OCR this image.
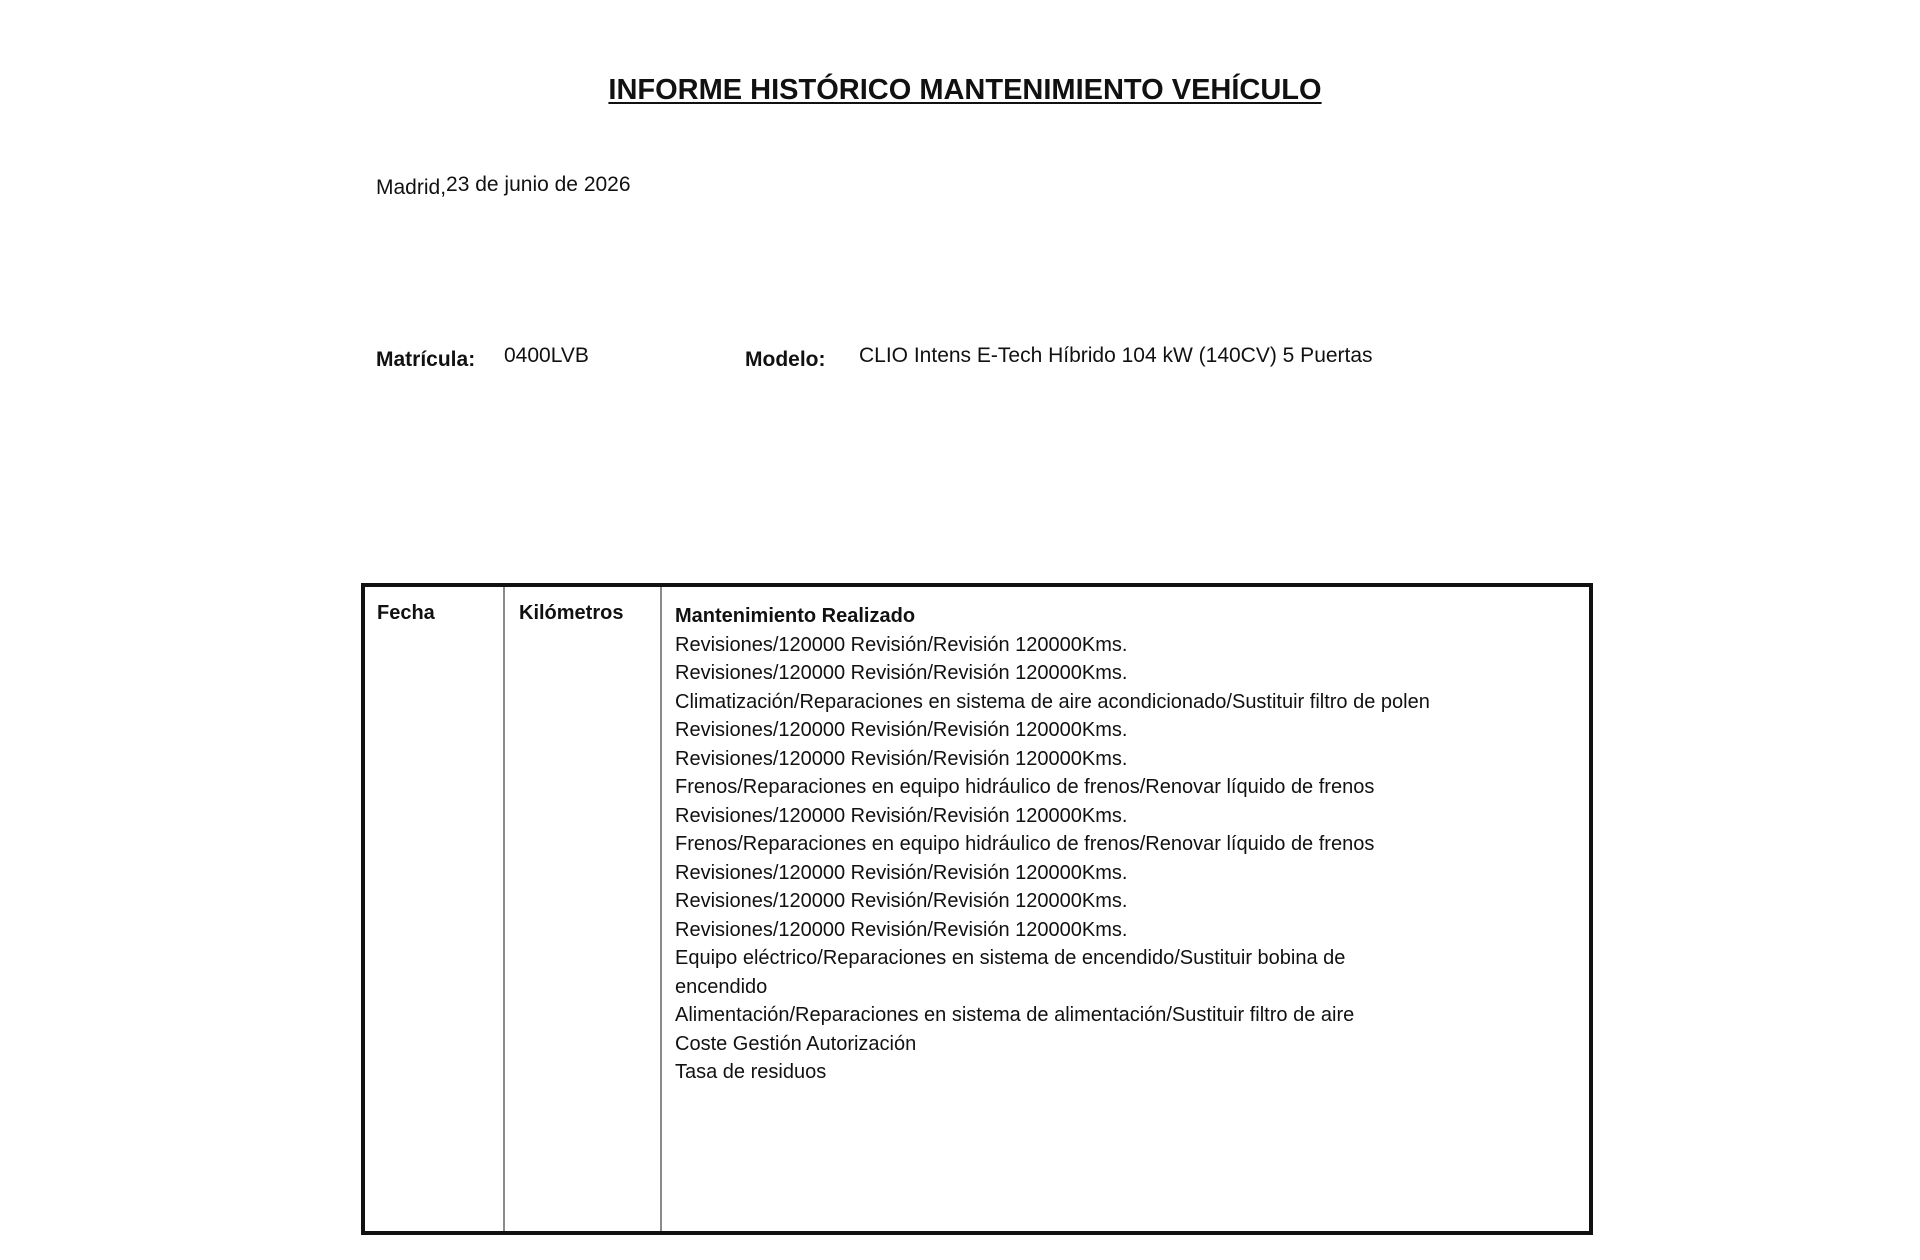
INFORME HISTÓRICO MANTENIMIENTO VEHÍCULO
Madrid,23 de junio de 2026
Matrícula: 0400LVB	Modelo: CLIO Intens E-Tech Híbrido 104 kW (140CV) 5 Puertas
Fecha	Kilómetros	Mantenimiento Realizado
Revisiones/120000 Revisión/Revisión 120000Kms.
Revisiones/120000 Revisión/Revisión 120000Kms.
Climatización/Reparaciones en sistema de aire acondicionado/Sustituir filtro de polen
Revisiones/120000 Revisión/Revisión 120000Kms.
Revisiones/120000 Revisión/Revisión 120000Kms.
Frenos/Reparaciones en equipo hidráulico de frenos/Renovar líquido de frenos
Revisiones/120000 Revisión/Revisión 120000Kms.
Frenos/Reparaciones en equipo hidráulico de frenos/Renovar líquido de frenos
Revisiones/120000 Revisión/Revisión 120000Kms.
Revisiones/120000 Revisión/Revisión 120000Kms.
Revisiones/120000 Revisión/Revisión 120000Kms.
Equipo eléctrico/Reparaciones en sistema de encendido/Sustituir bobina de encendido
Alimentación/Reparaciones en sistema de alimentación/Sustituir filtro de aire
Coste Gestión Autorización
Tasa de residuos
